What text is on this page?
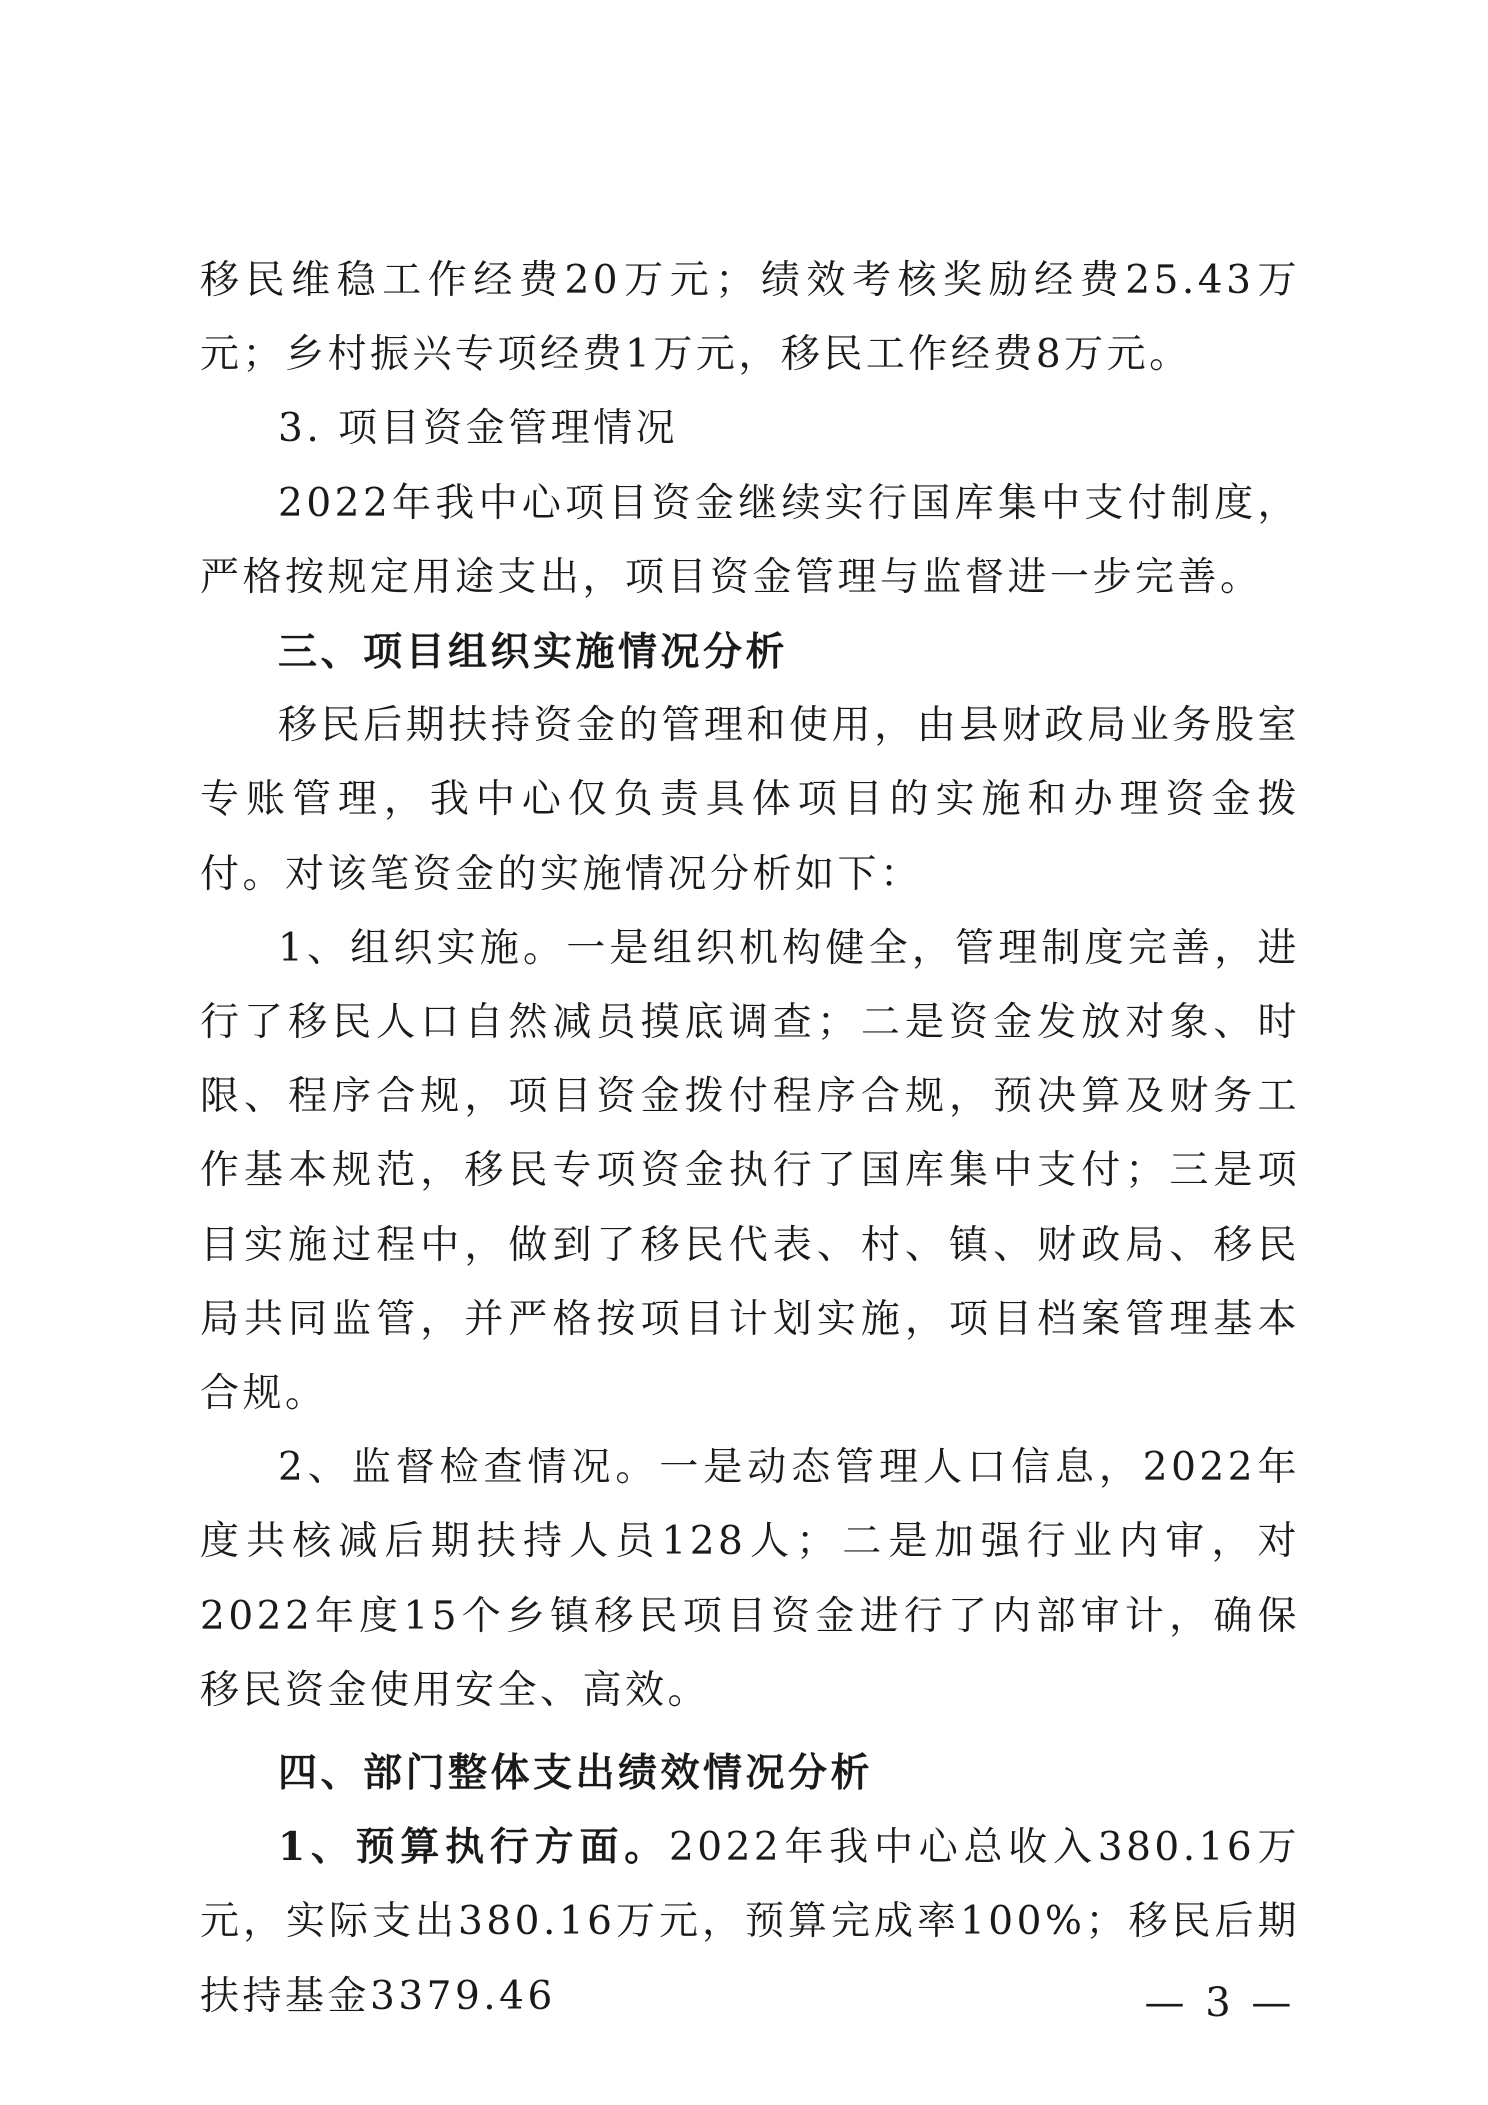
移民维稳工作经费20万元；绩效考核奖励经费25.43万元；乡村振兴专项经费1万元，移民工作经费8万元。

3. 项目资金管理情况

2022年我中心项目资金继续实行国库集中支付制度，严格按规定用途支出，项目资金管理与监督进一步完善。

三、项目组织实施情况分析

移民后期扶持资金的管理和使用，由县财政局业务股室专账管理，我中心仅负责具体项目的实施和办理资金拨付。对该笔资金的实施情况分析如下：

1、组织实施。一是组织机构健全，管理制度完善，进行了移民人口自然减员摸底调查；二是资金发放对象、时限、程序合规，项目资金拨付程序合规，预决算及财务工作基本规范，移民专项资金执行了国库集中支付；三是项目实施过程中，做到了移民代表、村、镇、财政局、移民局共同监管，并严格按项目计划实施，项目档案管理基本合规。

2、监督检查情况。一是动态管理人口信息，2022年度共核减后期扶持人员128人；二是加强行业内审，对2022年度15个乡镇移民项目资金进行了内部审计，确保移民资金使用安全、高效。

四、部门整体支出绩效情况分析

1、预算执行方面。2022年我中心总收入380.16万元，实际支出380.16万元，预算完成率100%；移民后期扶持基金3379.46	— 3 —
